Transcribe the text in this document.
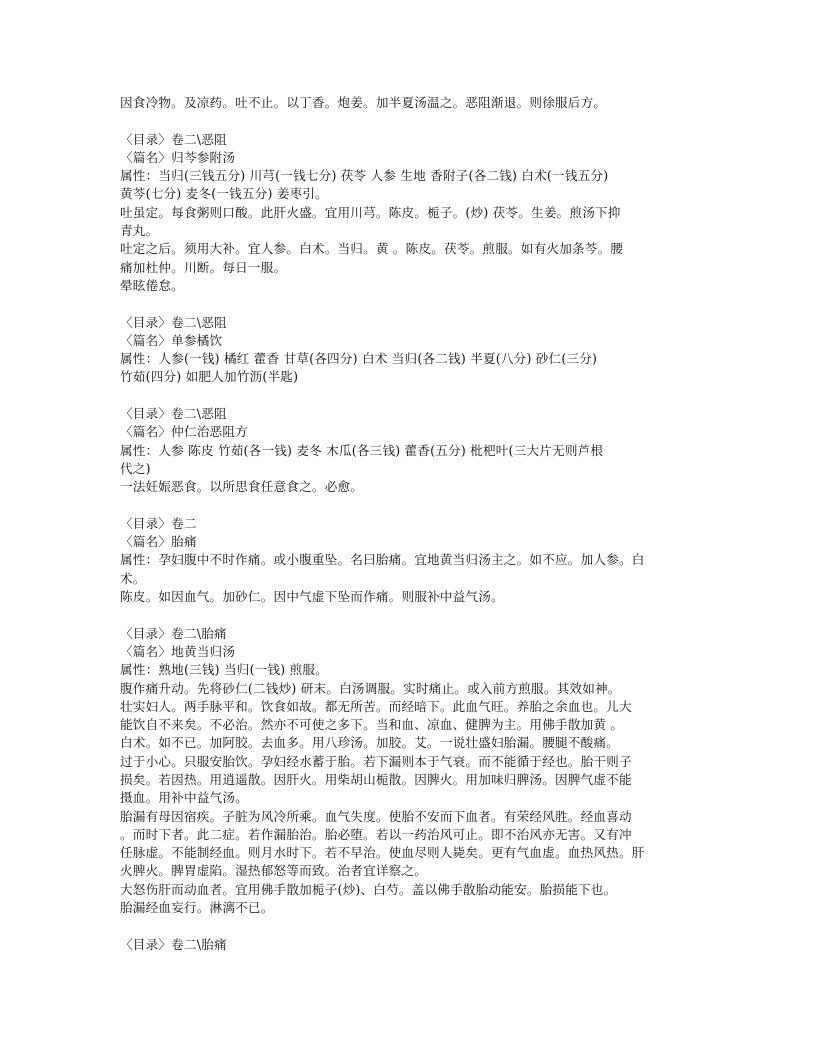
因食冷物。及凉药。吐不止。以丁香。炮姜。加半夏汤温之。恶阻渐退。则徐服后方。
〈目录〉卷二\恶阻
〈篇名〉归芩参附汤
属性：当归(三钱五分) 川芎(一钱七分) 茯苓 人参 生地 香附子(各二钱) 白术(一钱五分)
黄芩(七分) 麦冬(一钱五分) 姜枣引。
吐虽定。每食粥则口酸。此肝火盛。宜用川芎。陈皮。栀子。(炒) 茯苓。生姜。煎汤下抑
青丸。
吐定之后。须用大补。宜人参。白术。当归。黄 。陈皮。茯苓。煎服。如有火加条芩。腰
痛加杜仲。川断。每日一服。
晕眩倦怠。
〈目录〉卷二\恶阻
〈篇名〉单参橘饮
属性：人参(一钱) 橘红 藿香 甘草(各四分) 白术 当归(各二钱) 半夏(八分) 砂仁(三分)
竹茹(四分) 如肥人加竹沥(半匙)
〈目录〉卷二\恶阻
〈篇名〉仲仁治恶阻方
属性：人参 陈皮 竹茹(各一钱) 麦冬 木瓜(各三钱) 藿香(五分) 枇杷叶(三大片无则芦根
代之)
一法妊娠恶食。以所思食任意食之。必愈。
〈目录〉卷二
〈篇名〉胎痛
属性：孕妇腹中不时作痛。或小腹重坠。名曰胎痛。宜地黄当归汤主之。如不应。加人参。白
术。
陈皮。如因血气。加砂仁。因中气虚下坠而作痛。则服补中益气汤。
〈目录〉卷二\胎痛
〈篇名〉地黄当归汤
属性：熟地(三钱) 当归(一钱) 煎服。
腹作痛升动。先将砂仁(二钱炒) 研末。白汤调服。实时痛止。或入前方煎服。其效如神。
壮实妇人。两手脉平和。饮食如故。都无所苦。而经暗下。此血气旺。养胎之余血也。儿大
能饮自不来矣。不必治。然亦不可使之多下。当和血、凉血、健脾为主。用佛手散加黄 。
白术。如不已。加阿胶。去血多。用八珍汤。加胶。艾。一说壮盛妇胎漏。腰腿不酸痛。
过于小心。只服安胎饮。孕妇经水蓄于胎。若下漏则本于气衰。而不能循于经也。胎干则子
损矣。若因热。用逍遥散。因肝火。用柴胡山栀散。因脾火。用加味归脾汤。因脾气虚不能
摄血。用补中益气汤。
胎漏有母因宿疾。子脏为风冷所乘。血气失度。使胎不安而下血者。有荣经风胜。经血喜动
。而时下者。此二症。若作漏胎治。胎必堕。若以一药治风可止。即不治风亦无害。又有冲
任脉虚。不能制经血。则月水时下。若不早治。使血尽则人毙矣。更有气血虚。血热风热。肝
火脾火。脾胃虚陷。湿热郁怒等而致。治者宜详察之。
大怒伤肝而动血者。宜用佛手散加栀子(炒)、白芍。盖以佛手散胎动能安。胎损能下也。
胎漏经血妄行。淋漓不已。
〈目录〉卷二\胎痛
